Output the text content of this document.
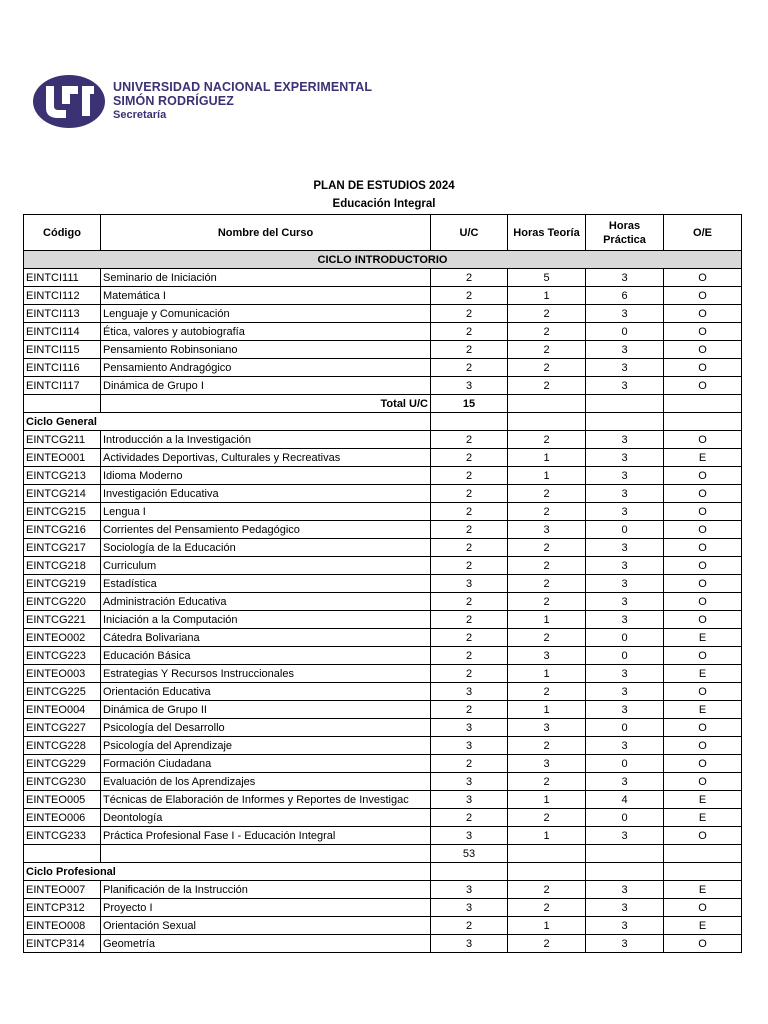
UNIVERSIDAD NACIONAL EXPERIMENTAL
SIMÓN RODRÍGUEZ
Secretaría
PLAN DE ESTUDIOS 2024
Educación Integral
Código	Nombre del Curso	U/C	Horas Teoría	Horas Práctica	O/E
CICLO INTRODUCTORIO					
EINTCI111	Seminario de Iniciación	2	5	3	O
EINTCI112	Matemática I	2	1	6	O
EINTCI113	Lenguaje y Comunicación	2	2	3	O
EINTCI114	Ética, valores y autobiografía	2	2	0	O
EINTCI115	Pensamiento Robinsoniano	2	2	3	O
EINTCI116	Pensamiento Andragógico	2	2	3	O
EINTCI117	Dinámica de Grupo I	3	2	3	O
	Total U/C	15			
Ciclo General					
EINTCG211	Introducción a la Investigación	2	2	3	O
EINTEO001	Actividades Deportivas, Culturales y Recreativas	2	1	3	E
EINTCG213	Idioma Moderno	2	1	3	O
EINTCG214	Investigación Educativa	2	2	3	O
EINTCG215	Lengua I	2	2	3	O
EINTCG216	Corrientes del Pensamiento Pedagógico	2	3	0	O
EINTCG217	Sociología de la Educación	2	2	3	O
EINTCG218	Curriculum	2	2	3	O
EINTCG219	Estadística	3	2	3	O
EINTCG220	Administración Educativa	2	2	3	O
EINTCG221	Iniciación a la Computación	2	1	3	O
EINTEO002	Cátedra Bolivariana	2	2	0	E
EINTCG223	Educación Básica	2	3	0	O
EINTEO003	Estrategias Y Recursos Instruccionales	2	1	3	E
EINTCG225	Orientación Educativa	3	2	3	O
EINTEO004	Dinámica de Grupo II	2	1	3	E
EINTCG227	Psicología del Desarrollo	3	3	0	O
EINTCG228	Psicología del Aprendizaje	3	2	3	O
EINTCG229	Formación Ciudadana	2	3	0	O
EINTCG230	Evaluación de los Aprendizajes	3	2	3	O
EINTEO005	Técnicas de Elaboración de Informes y Reportes de Investigac	3	1	4	E
EINTEO006	Deontología	2	2	0	E
EINTCG233	Práctica Profesional Fase I - Educación Integral	3	1	3	O
		53			
Ciclo Profesional					
EINTEO007	Planificación de la Instrucción	3	2	3	E
EINTCP312	Proyecto I	3	2	3	O
EINTEO008	Orientación Sexual	2	1	3	E
EINTCP314	Geometría	3	2	3	O
